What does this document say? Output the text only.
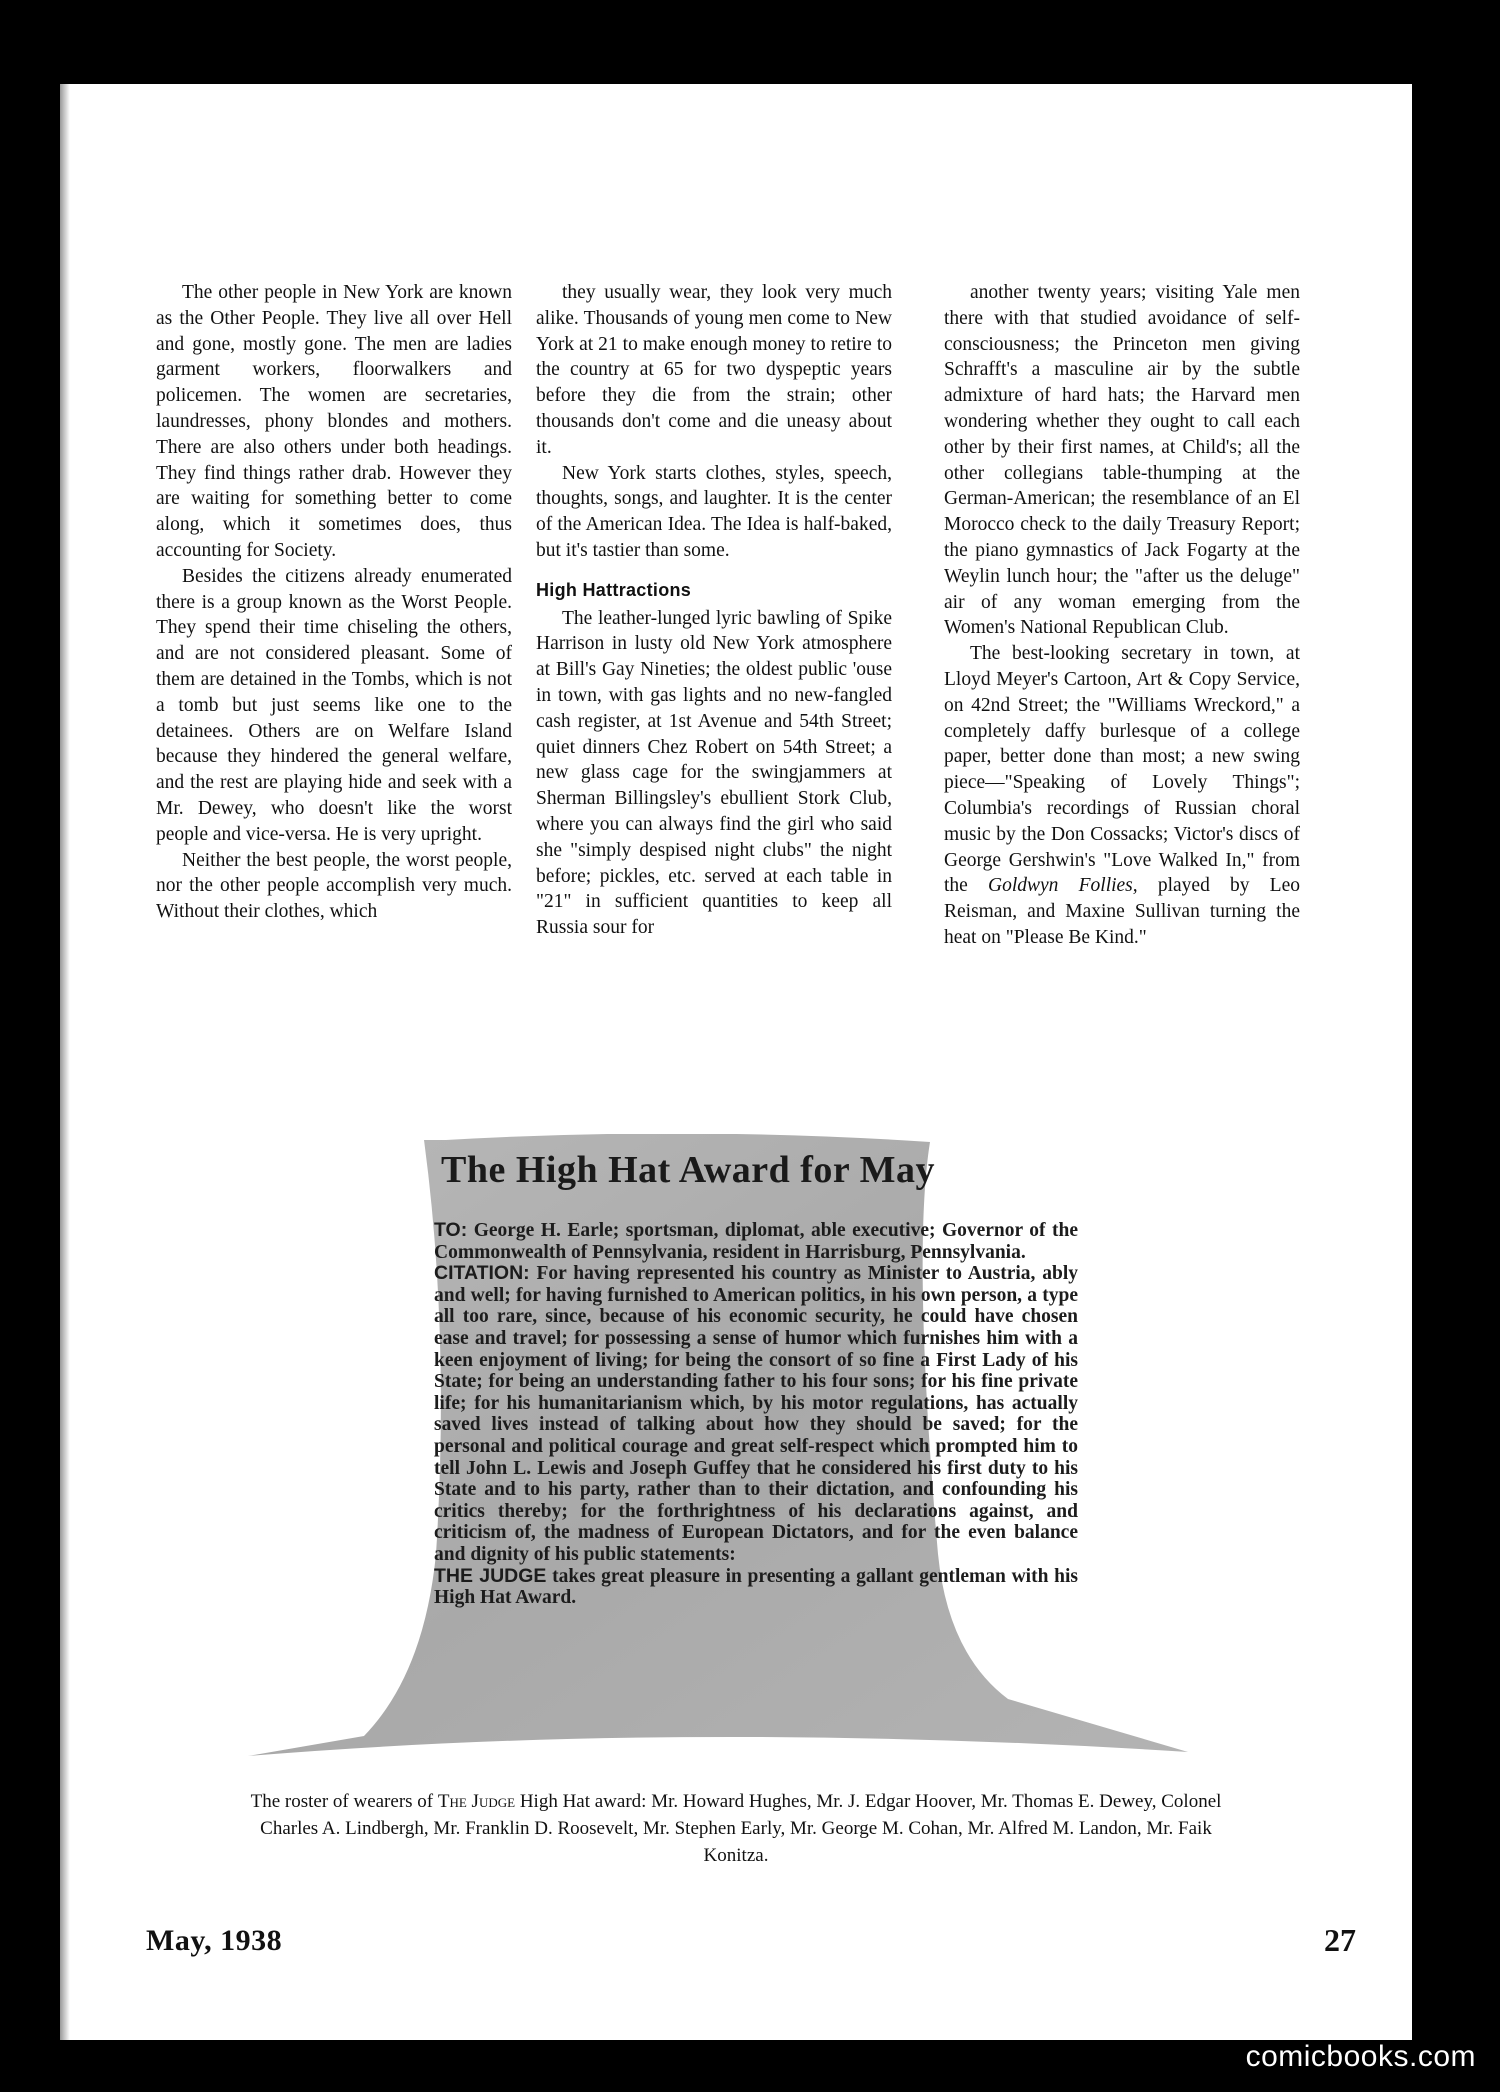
The other people in New York are known as the Other People. They live all over Hell and gone, mostly gone. The men are ladies garment workers, floorwalkers and policemen. The women are secretaries, laundresses, phony blondes and mothers. There are also others under both headings. They find things rather drab. However they are waiting for something better to come along, which it sometimes does, thus accounting for Society.

Besides the citizens already enumerated there is a group known as the Worst People. They spend their time chiseling the others, and are not considered pleasant. Some of them are detained in the Tombs, which is not a tomb but just seems like one to the detainees. Others are on Welfare Island because they hindered the general welfare, and the rest are playing hide and seek with a Mr. Dewey, who doesn't like the worst people and vice-versa. He is very upright.

Neither the best people, the worst people, nor the other people accomplish very much. Without their clothes, which

they usually wear, they look very much alike. Thousands of young men come to New York at 21 to make enough money to retire to the country at 65 for two dyspeptic years before they die from the strain; other thousands don't come and die uneasy about it.

New York starts clothes, styles, speech, thoughts, songs, and laughter. It is the center of the American Idea. The Idea is half-baked, but it's tastier than some.

High Hattractions

The leather-lunged lyric bawling of Spike Harrison in lusty old New York atmosphere at Bill's Gay Nineties; the oldest public 'ouse in town, with gas lights and no new-fangled cash register, at 1st Avenue and 54th Street; quiet dinners Chez Robert on 54th Street; a new glass cage for the swingjammers at Sherman Billingsley's ebullient Stork Club, where you can always find the girl who said she "simply despised night clubs" the night before; pickles, etc. served at each table in "21" in sufficient quantities to keep all Russia sour for

another twenty years; visiting Yale men there with that studied avoidance of self-consciousness; the Princeton men giving Schrafft's a masculine air by the subtle admixture of hard hats; the Harvard men wondering whether they ought to call each other by their first names, at Child's; all the other collegians table-thumping at the German-American; the resemblance of an El Morocco check to the daily Treasury Report; the piano gymnastics of Jack Fogarty at the Weylin lunch hour; the "after us the deluge" air of any woman emerging from the Women's National Republican Club.

The best-looking secretary in town, at Lloyd Meyer's Cartoon, Art & Copy Service, on 42nd Street; the "Williams Wreckord," a completely daffy burlesque of a college paper, better done than most; a new swing piece—"Speaking of Lovely Things"; Columbia's recordings of Russian choral music by the Don Cossacks; Victor's discs of George Gershwin's "Love Walked In," from the Goldwyn Follies, played by Leo Reisman, and Maxine Sullivan turning the heat on "Please Be Kind."

The High Hat Award for May

TO: George H. Earle; sportsman, diplomat, able executive; Governor of the Commonwealth of Pennsylvania, resident in Harrisburg, Pennsylvania.

CITATION: For having represented his country as Minister to Austria, ably and well; for having furnished to American politics, in his own person, a type all too rare, since, because of his economic security, he could have chosen ease and travel; for possessing a sense of humor which furnishes him with a keen enjoyment of living; for being the consort of so fine a First Lady of his State; for being an understanding father to his four sons; for his fine private life; for his humanitarianism which, by his motor regulations, has actually saved lives instead of talking about how they should be saved; for the personal and political courage and great self-respect which prompted him to tell John L. Lewis and Joseph Guffey that he considered his first duty to his State and to his party, rather than to their dictation, and confounding his critics thereby; for the forthrightness of his declarations against, and criticism of, the madness of European Dictators, and for the even balance and dignity of his public statements:

THE JUDGE takes great pleasure in presenting a gallant gentleman with his High Hat Award.

The roster of wearers of The Judge High Hat award: Mr. Howard Hughes, Mr. J. Edgar Hoover, Mr. Thomas E. Dewey, Colonel Charles A. Lindbergh, Mr. Franklin D. Roosevelt, Mr. Stephen Early, Mr. George M. Cohan, Mr. Alfred M. Landon, Mr. Faik Konitza.
May, 1938	27
comicbooks.com
